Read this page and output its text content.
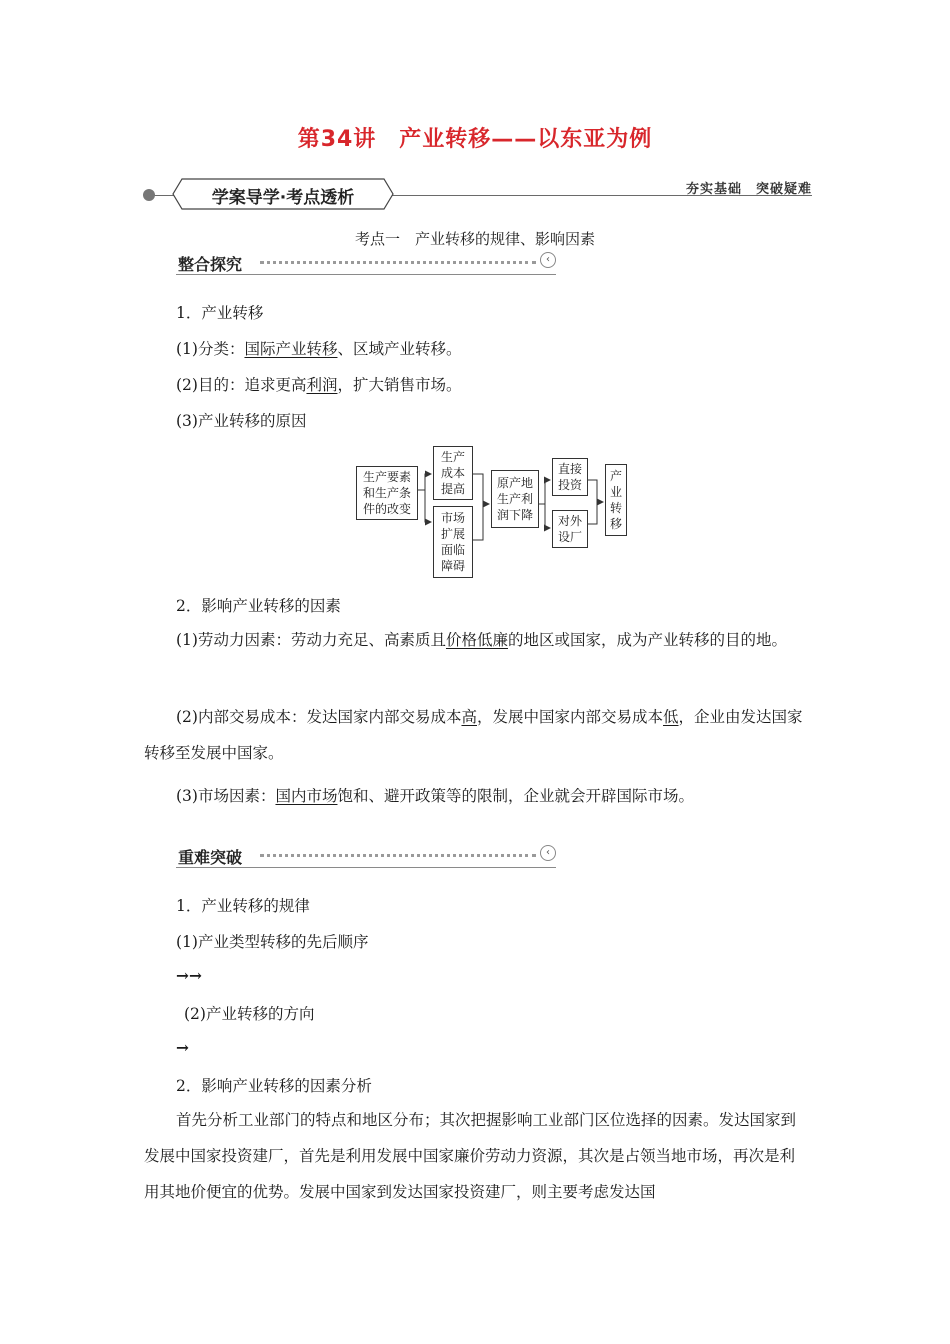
第34讲　产业转移——以东亚为例
学案导学·考点透析	夯实基础　突破疑难
考点一　产业转移的规律、影响因素
整合探究	‹
1．产业转移
(1)分类：国际产业转移、区域产业转移。
(2)目的：追求更高利润，扩大销售市场。
(3)产业转移的原因
生产要素和生产条件的改变
生产成本提高
市场扩展面临障碍
原产地生产利润下降
直接投资
对外设厂
产业转移
2．影响产业转移的因素
(1)劳动力因素：劳动力充足、高素质且价格低廉的地区或国家，成为产业转移的目的地。
(2)内部交易成本：发达国家内部交易成本高，发展中国家内部交易成本低，企业由发达国家转移至发展中国家。
(3)市场因素：国内市场饱和、避开政策等的限制，企业就会开辟国际市场。
重难突破	‹
1．产业转移的规律
(1)产业类型转移的先后顺序
→→
(2)产业转移的方向
→
2．影响产业转移的因素分析
首先分析工业部门的特点和地区分布；其次把握影响工业部门区位选择的因素。发达国家到发展中国家投资建厂，首先是利用发展中国家廉价劳动力资源，其次是占领当地市场，再次是利用其地价便宜的优势。发展中国家到发达国家投资建厂，则主要考虑发达国
